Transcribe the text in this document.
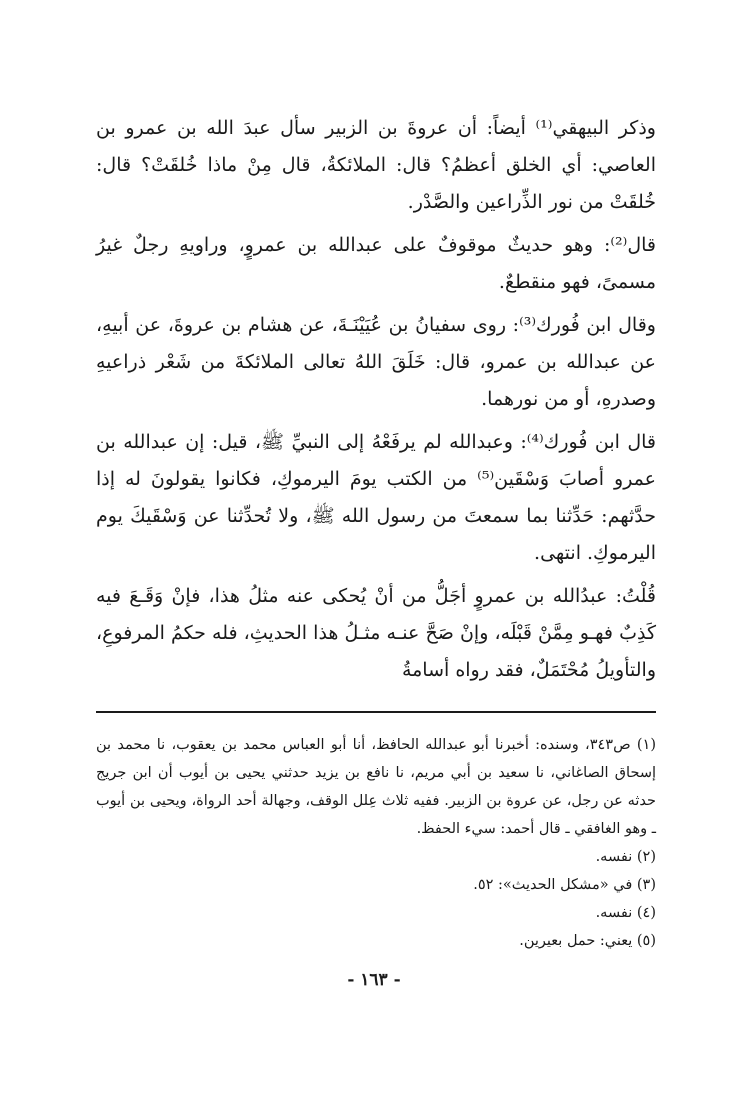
وذكر البيهقي⁽¹⁾ أيضاً: أن عروةَ بن الزبير سأل عبدَ الله بن عمرو بن العاصي: أي الخلق أعظمُ؟ قال: الملائكةُ، قال مِنْ ماذا خُلقَتْ؟ قال: خُلقَتْ من نور الذِّراعين والصَّدْر.

قال⁽²⁾: وهو حديثٌ موقوفٌ على عبدالله بن عمروٍ، وراويهِ رجلٌ غيرُ مسمىً، فهو منقطعٌ.

وقال ابن فُورك⁽³⁾: روى سفيانُ بن عُيَيْنَـةَ، عن هشام بن عروةَ، عن أبيهِ، عن عبدالله بن عمرو، قال: خَلَقَ اللهُ تعالى الملائكةَ من شَعْر ذراعيهِ وصدرهِ، أو من نورهما.

قال ابن فُورك⁽⁴⁾: وعبدالله لم يرفَعْهُ إلى النبيِّ ﷺ، قيل: إن عبدالله بن عمرو أصابَ وَسْقَين⁽⁵⁾ من الكتب يومَ اليرموكِ، فكانوا يقولونَ له إذا حدَّثهم: حَدِّثنا بما سمعتَ من رسول الله ﷺ، ولا تُحدِّثنا عن وَسْقَيكَ يوم اليرموكِ. انتهى.

قُلْتُ: عبدُالله بن عمروٍ أجَلُّ من أنْ يُحكى عنه مثلُ هذا، فإنْ وَقَـعَ فيه كَذِبٌ فهـو مِمَّنْ قَبْلَه، وإنْ صَحَّ عنـه مثـلُ هذا الحديثِ، فله حكمُ المرفوعِ، والتأويلُ مُحْتَمَلٌ، فقد رواه أسامةُ

(١) ص٣٤٣، وسنده: أخبرنا أبو عبدالله الحافظ، أنا أبو العباس محمد بن يعقوب، نا محمد بن إسحاق الصاغاني، نا سعيد بن أبي مريم، نا نافع بن يزيد حدثني يحيى بن أيوب أن ابن جريج حدثه عن رجل، عن عروة بن الزبير. ففيه ثلاث عِلل الوقف، وجهالة أحد الرواة، ويحيى بن أيوب ـ وهو الغافقي ـ قال أحمد: سيء الحفظ.

(٢) نفسه.

(٣) في «مشكل الحديث»: ٥٢.

(٤) نفسه.

(٥) يعني: حمل بعيرين.

- ١٦٣ -
